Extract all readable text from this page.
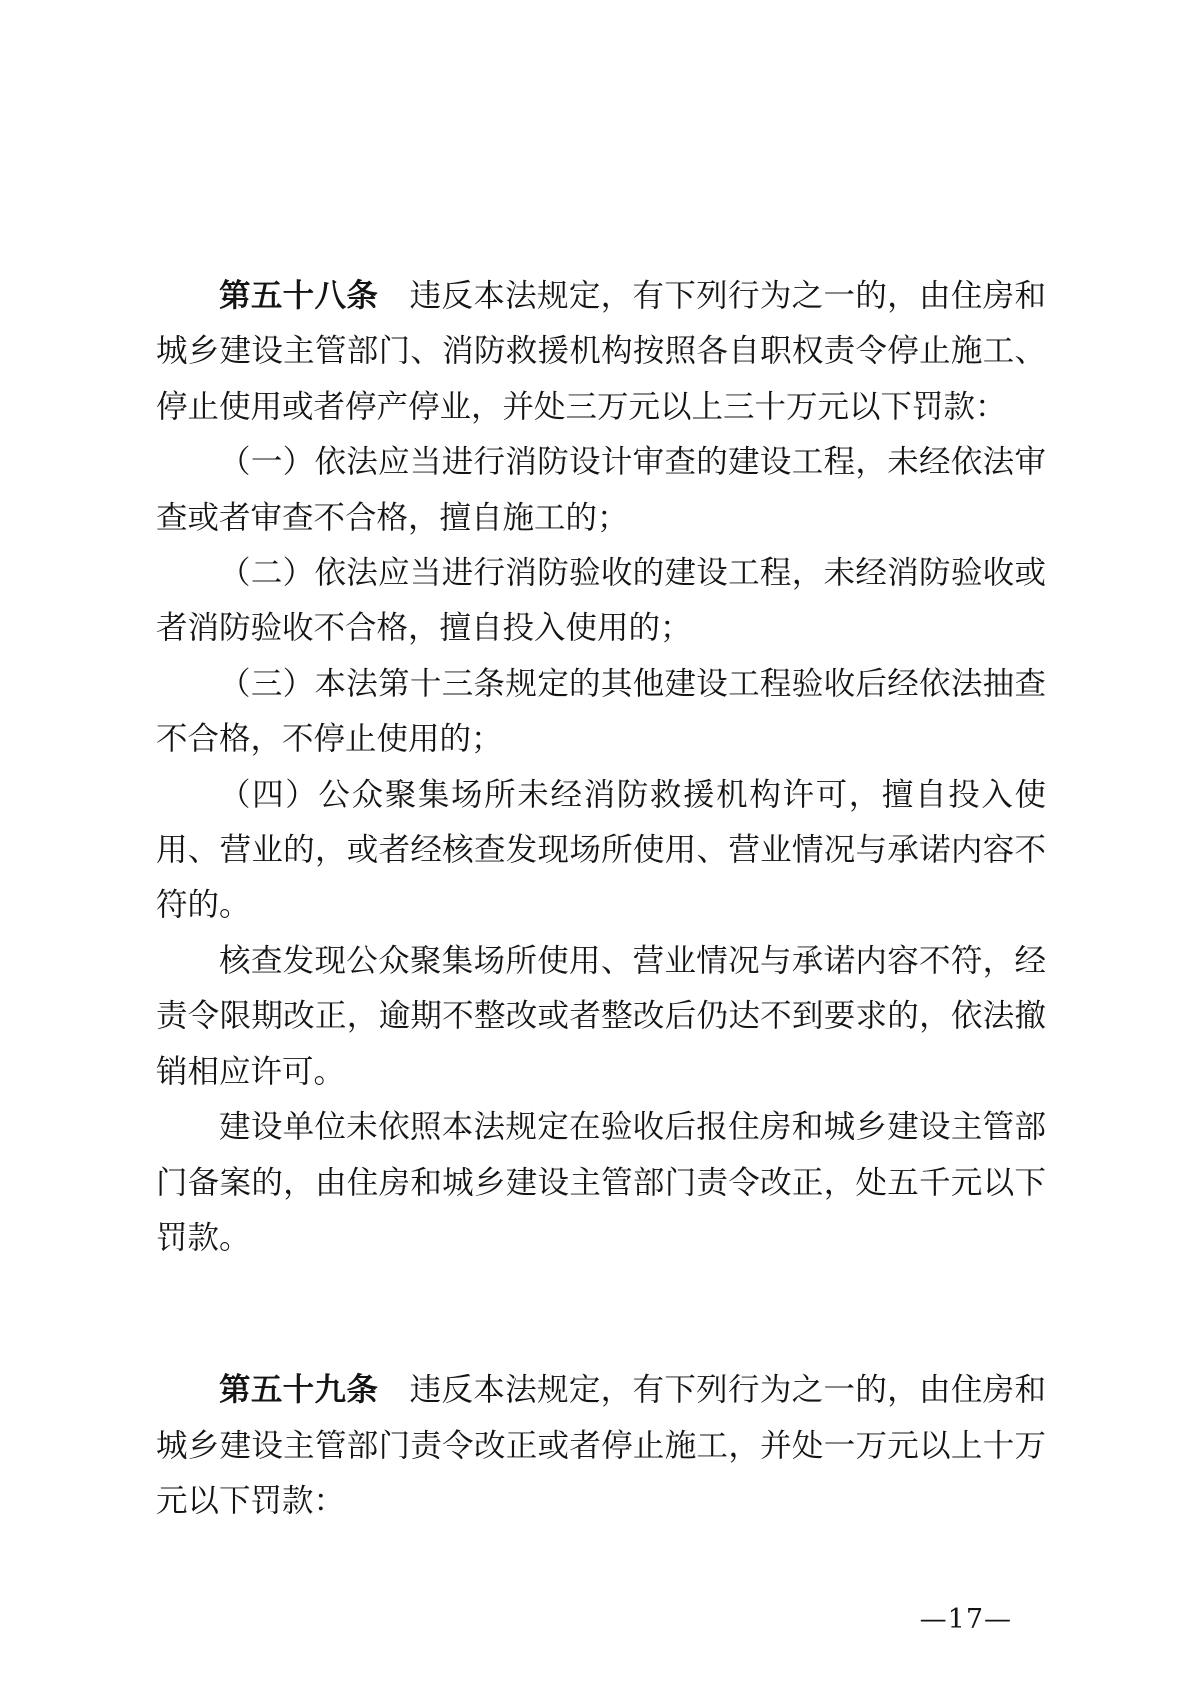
第五十八条 违反本法规定，有下列行为之一的，由住房和城乡建设主管部门、消防救援机构按照各自职权责令停止施工、停止使用或者停产停业，并处三万元以上三十万元以下罚款：

（一）依法应当进行消防设计审查的建设工程，未经依法审查或者审查不合格，擅自施工的；

（二）依法应当进行消防验收的建设工程，未经消防验收或者消防验收不合格，擅自投入使用的；

（三）本法第十三条规定的其他建设工程验收后经依法抽查不合格，不停止使用的；

（四）公众聚集场所未经消防救援机构许可，擅自投入使用、营业的，或者经核查发现场所使用、营业情况与承诺内容不符的。

核查发现公众聚集场所使用、营业情况与承诺内容不符，经责令限期改正，逾期不整改或者整改后仍达不到要求的，依法撤销相应许可。

建设单位未依照本法规定在验收后报住房和城乡建设主管部门备案的，由住房和城乡建设主管部门责令改正，处五千元以下罚款。

第五十九条 违反本法规定，有下列行为之一的，由住房和城乡建设主管部门责令改正或者停止施工，并处一万元以上十万元以下罚款：

—17—
